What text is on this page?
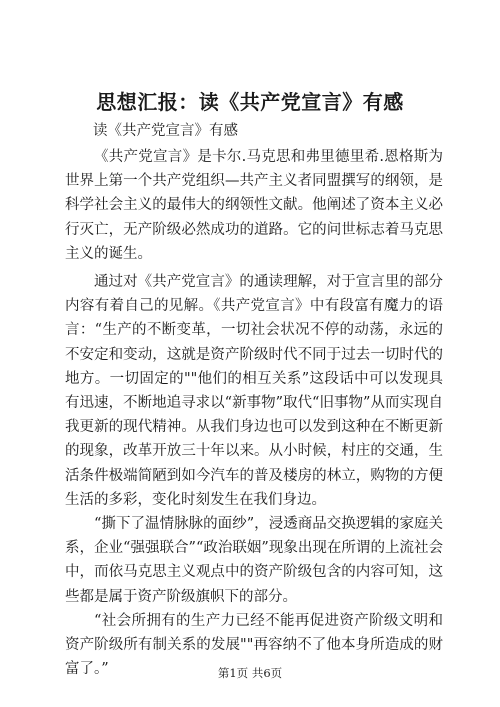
思想汇报：读《共产党宣言》有感
读《共产党宣言》有感

《共产党宣言》是卡尔.马克思和弗里德里希.恩格斯为世界上第一个共产党组织—共产主义者同盟撰写的纲领，是科学社会主义的最伟大的纲领性文献。他阐述了资本主义必行灭亡，无产阶级必然成功的道路。它的问世标志着马克思主义的诞生。

通过对《共产党宣言》的通读理解，对于宣言里的部分内容有着自己的见解。《共产党宣言》中有段富有魔力的语言：“生产的不断变革，一切社会状况不停的动荡，永远的不安定和变动，这就是资产阶级时代不同于过去一切时代的地方。一切固定的""他们的相互关系”这段话中可以发现具有迅速，不断地追寻求以“新事物”取代“旧事物”从而实现自我更新的现代精神。从我们身边也可以发到这种在不断更新的现象，改革开放三十年以来。从小时候，村庄的交通，生活条件极端简陋到如今汽车的普及楼房的林立，购物的方便生活的多彩，变化时刻发生在我们身边。

“撕下了温情脉脉的面纱”，浸透商品交换逻辑的家庭关系，企业“强强联合”“政治联姻”现象出现在所谓的上流社会中，而依马克思主义观点中的资产阶级包含的内容可知，这些都是属于资产阶级旗帜下的部分。

“社会所拥有的生产力已经不能再促进资产阶级文明和资产阶级所有制关系的发展""再容纳不了他本身所造成的财富了。”	第1页 共6页
